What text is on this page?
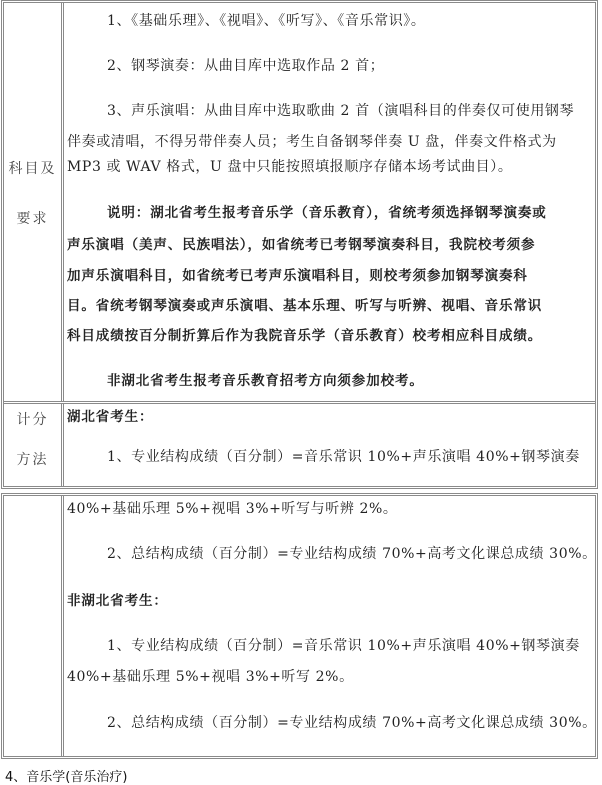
科目及
要求
1、《基础乐理》、《视唱》、《听写》、《音乐常识》。
2、钢琴演奏：从曲目库中选取作品 2 首；
3、声乐演唱：从曲目库中选取歌曲 2 首（演唱科目的伴奏仅可使用钢琴
伴奏或清唱，不得另带伴奏人员；考生自备钢琴伴奏 U 盘，伴奏文件格式为
MP3 或 WAV 格式，U 盘中只能按照填报顺序存储本场考试曲目）。
说明：湖北省考生报考音乐学（音乐教育），省统考须选择钢琴演奏或
声乐演唱（美声、民族唱法），如省统考已考钢琴演奏科目，我院校考须参
加声乐演唱科目，如省统考已考声乐演唱科目，则校考须参加钢琴演奏科
目。省统考钢琴演奏或声乐演唱、基本乐理、听写与听辨、视唱、音乐常识
科目成绩按百分制折算后作为我院音乐学（音乐教育）校考相应科目成绩。
非湖北省考生报考音乐教育招考方向须参加校考。
计分
方法
湖北省考生：
1、专业结构成绩（百分制）=音乐常识 10%+声乐演唱 40%+钢琴演奏
40%+基础乐理 5%+视唱 3%+听写与听辨 2%。
2、总结构成绩（百分制）=专业结构成绩 70%+高考文化课总成绩 30%。
非湖北省考生：
1、专业结构成绩（百分制）=音乐常识 10%+声乐演唱 40%+钢琴演奏
40%+基础乐理 5%+视唱 3%+听写 2%。
2、总结构成绩（百分制）=专业结构成绩 70%+高考文化课总成绩 30%。
4、音乐学(音乐治疗)
